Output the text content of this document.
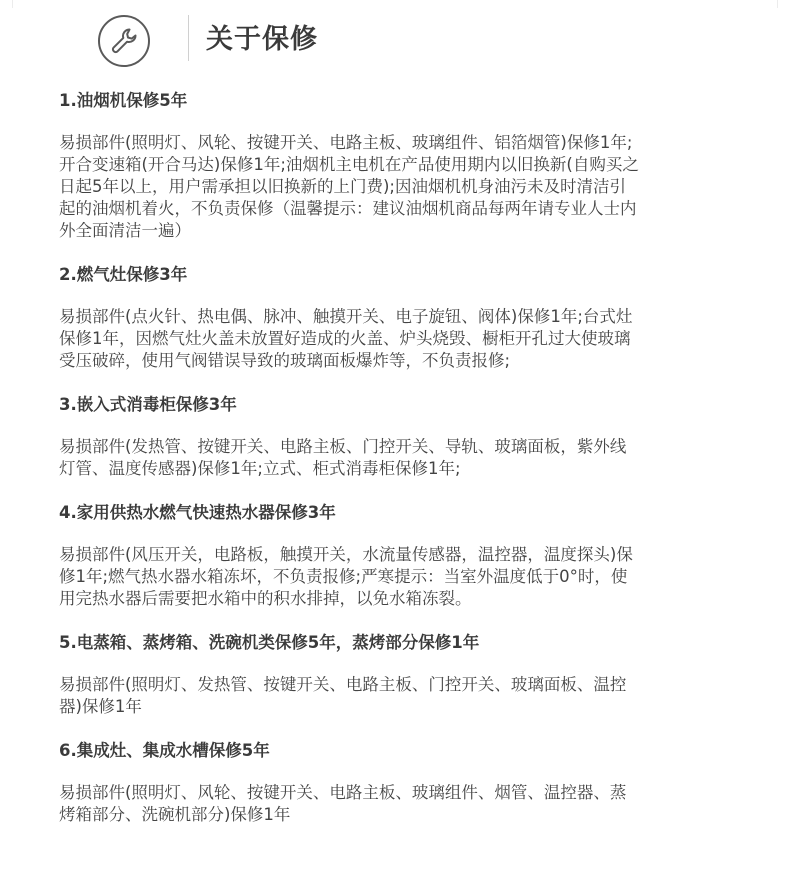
关于保修
1.油烟机保修5年
易损部件(照明灯、风轮、按键开关、电路主板、玻璃组件、铝箔烟管)保修1年;
开合变速箱(开合马达)保修1年;油烟机主电机在产品使用期内以旧换新(自购买之
日起5年以上，用户需承担以旧换新的上门费);因油烟机机身油污未及时清洁引
起的油烟机着火，不负责保修（温馨提示：建议油烟机商品每两年请专业人士内
外全面清洁一遍）
2.燃气灶保修3年
易损部件(点火针、热电偶、脉冲、触摸开关、电子旋钮、阀体)保修1年;台式灶
保修1年，因燃气灶火盖未放置好造成的火盖、炉头烧毁、橱柜开孔过大使玻璃
受压破碎，使用气阀错误导致的玻璃面板爆炸等，不负责报修;
3.嵌入式消毒柜保修3年
易损部件(发热管、按键开关、电路主板、门控开关、导轨、玻璃面板，紫外线
灯管、温度传感器)保修1年;立式、柜式消毒柜保修1年;
4.家用供热水燃气快速热水器保修3年
易损部件(风压开关，电路板，触摸开关，水流量传感器，温控器，温度探头)保
修1年;燃气热水器水箱冻坏，不负责报修;严寒提示：当室外温度低于0°时，使
用完热水器后需要把水箱中的积水排掉，以免水箱冻裂。
5.电蒸箱、蒸烤箱、洗碗机类保修5年，蒸烤部分保修1年
易损部件(照明灯、发热管、按键开关、电路主板、门控开关、玻璃面板、温控
器)保修1年
6.集成灶、集成水槽保修5年
易损部件(照明灯、风轮、按键开关、电路主板、玻璃组件、烟管、温控器、蒸
烤箱部分、洗碗机部分)保修1年
